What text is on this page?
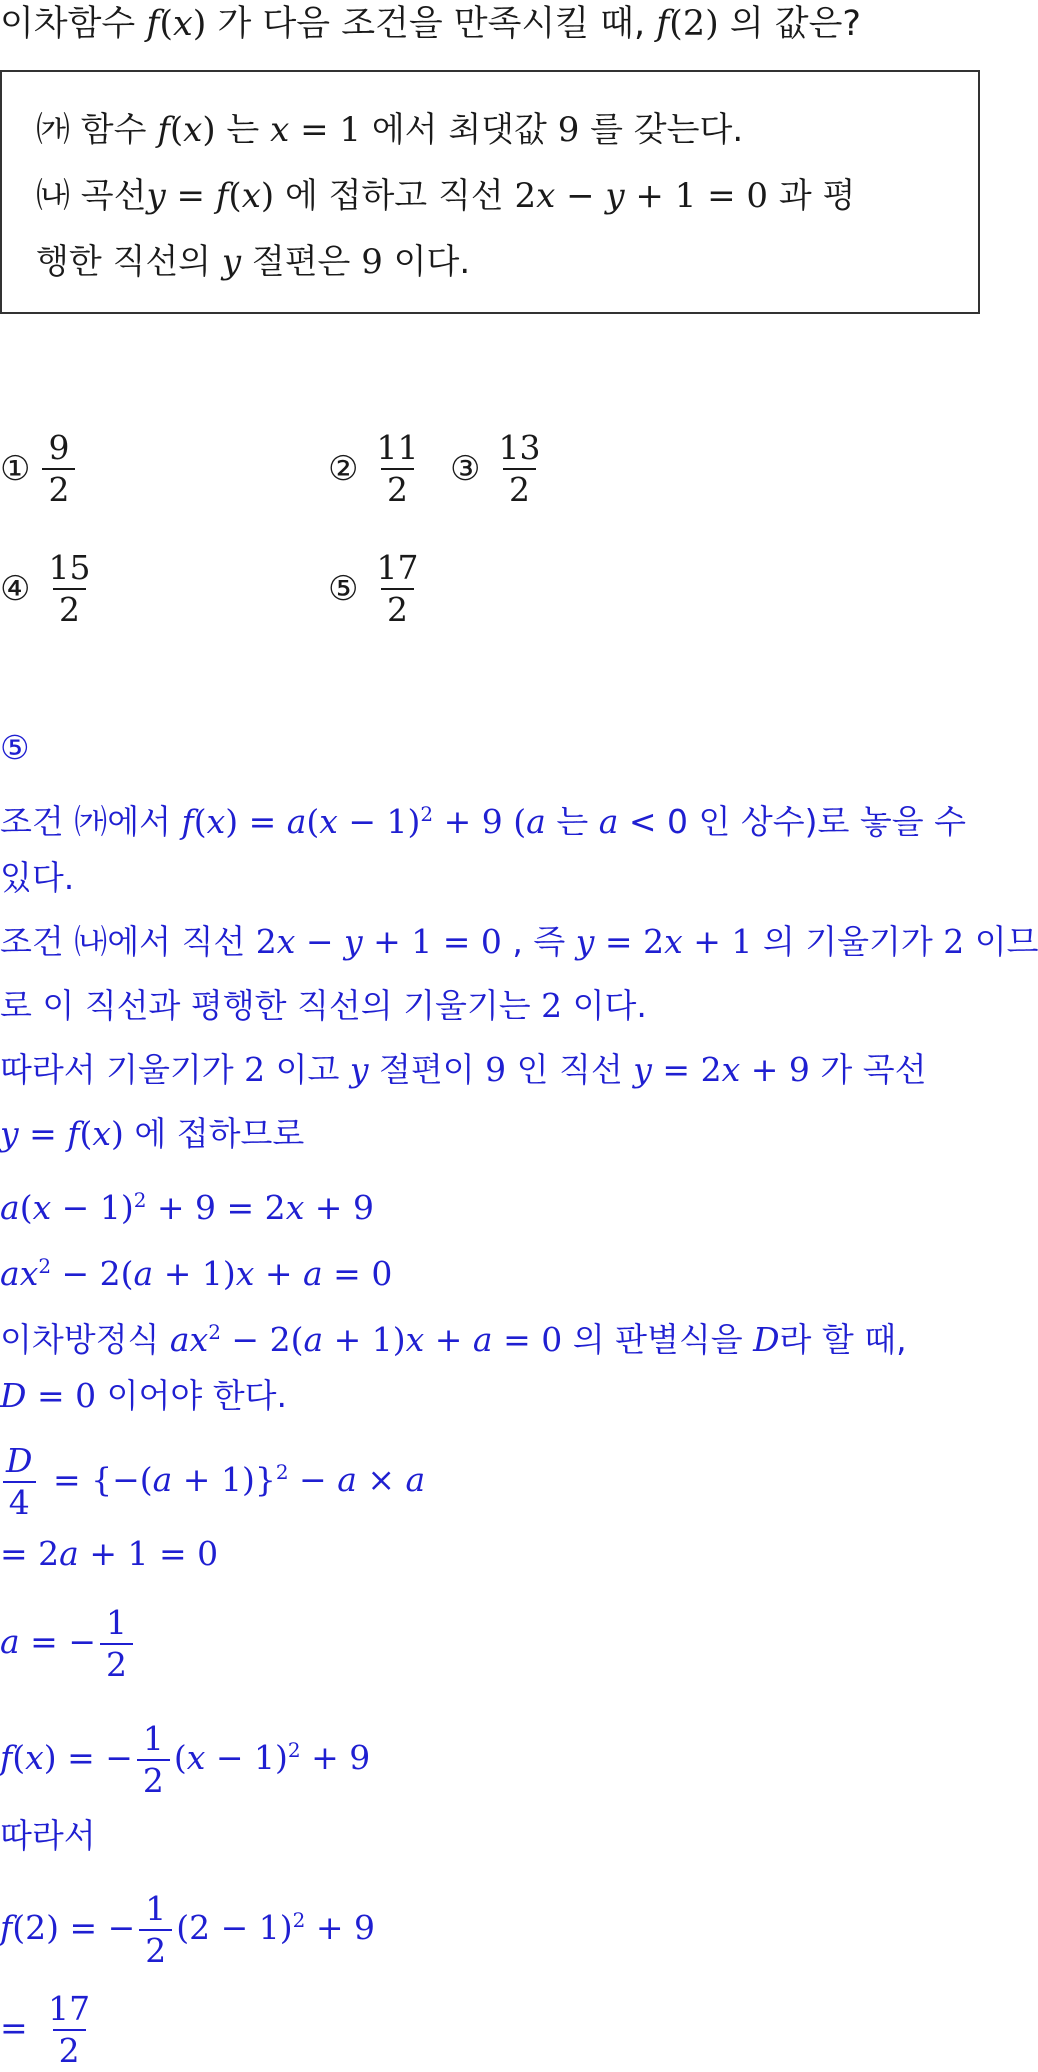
이차함수 f(x) 가 다음 조건을 만족시킬 때, f(2) 의 값은?
㈎ 함수 f(x) 는 x = 1 에서 최댓값 9 를 갖는다.
㈏ 곡선y = f(x) 에 접하고 직선 2x − y + 1 = 0 과 평
행한 직선의 y 절편은 9 이다.
① $\frac{9}{2}$	② $\frac{11}{2}$ ③ $\frac{13}{2}$
④ $\frac{15}{2}$	⑤ $\frac{17}{2}$
⑤
조건 ㈎에서 $f(x) = a(x - 1)^2 + 9$ (a 는 a < 0 인 상수)로 놓을 수
있다.
조건 ㈏에서 직선 2x − y + 1 = 0 , 즉 y = 2x + 1 의 기울기가 2 이므
로 이 직선과 평행한 직선의 기울기는 2 이다.
따라서 기울기가 2 이고 y 절편이 9 인 직선 y = 2x + 9 가 곡선
y = f(x) 에 접하므로
$a(x - 1)^2 + 9 = 2x + 9$
$ax^2 - 2(a + 1)x + a = 0$
이차방정식 $ax^2 - 2(a + 1)x + a = 0$ 의 판별식을 D라 할 때,
D = 0 이어야 한다.
$\frac{D}{4} = \{-(a + 1)\}^2 - a \times a$
= 2a + 1 = 0
a = − $\frac{1}{2}$
f(x) = − $\frac{1}{2} (x - 1)^2 + 9$
따라서
f(2) = − $\frac{1}{2} (2 - 1)^2 + 9$
= $\frac{17}{2}$
